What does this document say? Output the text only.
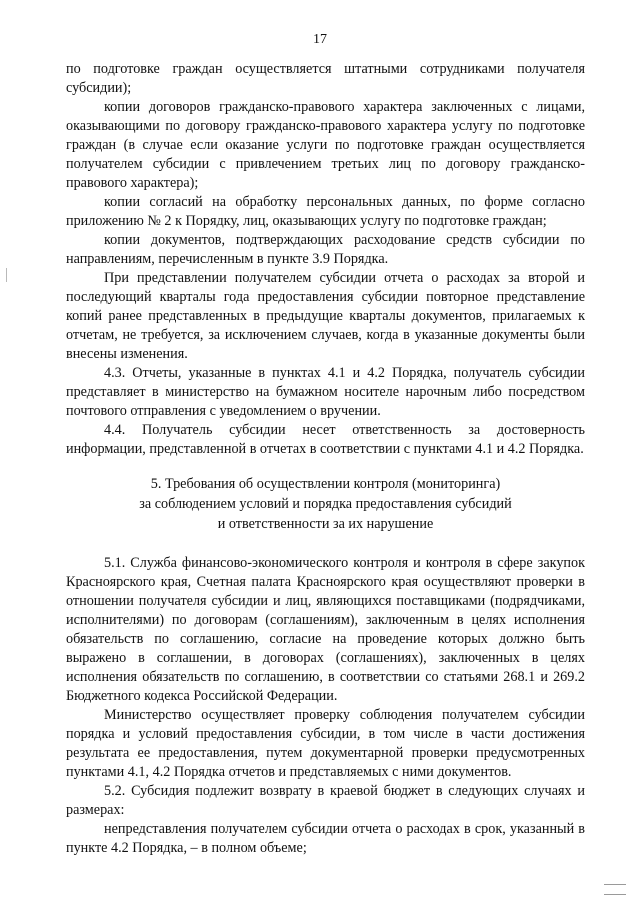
17

по подготовке граждан осуществляется штатными сотрудниками получателя субсидии);

копии договоров гражданско-правового характера заключенных с лицами, оказывающими по договору гражданско-правового характера услугу по подготовке граждан (в случае если оказание услуги по подготовке граждан осуществляется получателем субсидии с привлечением третьих лиц по договору гражданско-правового характера);

копии согласий на обработку персональных данных, по форме согласно приложению № 2 к Порядку, лиц, оказывающих услугу по подготовке граждан;

копии документов, подтверждающих расходование средств субсидии по направлениям, перечисленным в пункте 3.9 Порядка.

При представлении получателем субсидии отчета о расходах за второй и последующий кварталы года предоставления субсидии повторное представление копий ранее представленных в предыдущие кварталы документов, прилагаемых к отчетам, не требуется, за исключением случаев, когда в указанные документы были внесены изменения.

4.3. Отчеты, указанные в пунктах 4.1 и 4.2 Порядка, получатель субсидии представляет в министерство на бумажном носителе нарочным либо посредством почтового отправления с уведомлением о вручении.

4.4. Получатель субсидии несет ответственность за достоверность информации, представленной в отчетах в соответствии с пунктами 4.1 и 4.2 Порядка.

5. Требования об осуществлении контроля (мониторинга)
за соблюдением условий и порядка предоставления субсидий
и ответственности за их нарушение

5.1. Служба финансово-экономического контроля и контроля в сфере закупок Красноярского края, Счетная палата Красноярского края осуществляют проверки в отношении получателя субсидии и лиц, являющихся поставщиками (подрядчиками, исполнителями) по договорам (соглашениям), заключенным в целях исполнения обязательств по соглашению, согласие на проведение которых должно быть выражено в соглашении, в договорах (соглашениях), заключенных в целях исполнения обязательств по соглашению, в соответствии со статьями 268.1 и 269.2 Бюджетного кодекса Российской Федерации.

Министерство осуществляет проверку соблюдения получателем субсидии порядка и условий предоставления субсидии, в том числе в части достижения результата ее предоставления, путем документарной проверки предусмотренных пунктами 4.1, 4.2 Порядка отчетов и представляемых с ними документов.

5.2. Субсидия подлежит возврату в краевой бюджет в следующих случаях и размерах:

непредставления получателем субсидии отчета о расходах в срок, указанный в пункте 4.2 Порядка, – в полном объеме;
